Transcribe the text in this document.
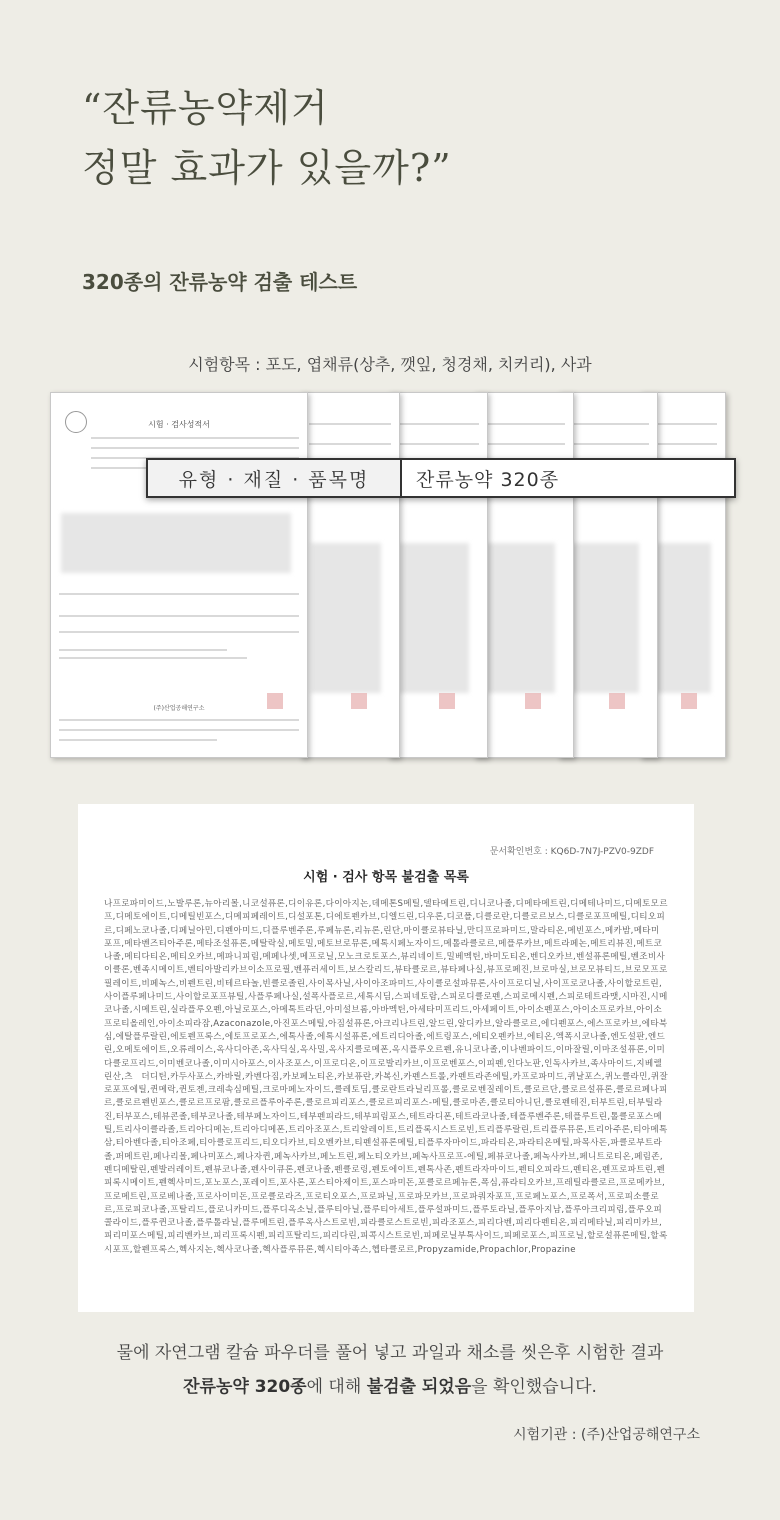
“잔류농약제거
정말 효과가 있을까?”
320종의 잔류농약 검출 테스트
시험항목 : 포도, 엽채류(상추, 깻잎, 청경채, 치커리), 사과
시험 · 검사성적서
(주)산업공해연구소
유형 · 재질 · 품목명	잔류농약 320종
문서확인번호 : KQ6D-7N7J-PZV0-9ZDF
시험 · 검사 항목 불검출 목록
나프로파미이드,노발루론,뉴아리몰,니코설퓨론,디이유론,다이아지논,데메톤S메틸,델타메트린,디니코나졸,디메타메트린,디메테나미드,디메토모르프,디메토에이트,디메틸빈포스,디메피페레이트,디설포톤,디에토펜카브,디엘드린,디우론,디코폴,디클로란,디클로르보스,디클로포프메틸,디티오피르,디페노코나졸,디페닐아민,디펜아미드,디플루벤주론,루페뉴론,리뉴론,린단,마이클로뷰타닐,만디프로파미드,말라티온,메빈포스,메카밤,메타미포프,메타벤즈티아주론,메타조설퓨론,메탈락실,메토밀,메토브로뮤론,메톡시페노자이드,메톨라클로르,메플루카브,메트라페논,메트리뷰진,메트코나졸,메티다티온,메티오카브,메파니피림,메페나셋,메프로닐,모노크로토포스,뷰리네이트,밀베멕틴,바미도티온,벤디오카브,벤설퓨론메틸,벤조비사이클론,벤족시메이트,벤티아발리카브이소프로필,벤퓨러세이트,보스칼리드,뷰타클로르,뷰타페나실,뷰프로페진,브로마실,브로모뷰티드,브로모프로필레이트,비페녹스,비펜트린,비테르타놀,빈클로졸린,사이목사닐,사이아조파미드,사이클로설파뮤론,사이프로디닐,사이프로코나졸,사이할로트린,사이플루페나미드,사이할로포프뷰틸,사플루페나실,설폭사플로르,세톡시딤,스피네토람,스피로디클로펜,스피로메시펜,스피로테트라맷,시마진,시메코나졸,시메트린,실라플루오펜,아닐로포스,아메톡트라딘,아미설브롬,아바멕틴,아세타미프리드,아세페이트,아이소펜포스,아이소프로카브,아이소프로티올레인,아이소피라잠,Azaconazole,아진포스메틸,아짐설퓨론,아크리나트린,알드린,알디카브,알라클로르,에디펜포스,에스프로카브,에타북심,에탈플루랄린,에토펜프록스,에토프로포스,에톡사졸,에톡시설퓨론,에트리디아졸,에트링포스,에티오펜카브,에티온,엑폭시코나졸,엔도설판,엔드린,오메토에이트,오류레이스,옥사디아존,옥사딕실,옥사밀,옥사지클로메폰,옥시플루오르펜,유니코나졸,이나벤파이드,이마잘릴,이마조설퓨론,이미다클로프리드,이미벤코나졸,이미시아포스,이사조포스,이프로디온,이프로발리카브,이프로벤포스,이피펜,인다노판,인독사카브,족사마이드,지베렐린산,츠 더디틴,카두사포스,카바릴,카벤다짐,카보페노티온,카보퓨란,카복신,카펜스트롤,카펜트라존에틸,카프로파미드,퀴날포스,퀴노클라민,퀴잘로포프에틸,퀸메락,퀸토젠,크레속심메틸,크로마페노자이드,클레토딤,클로란트라닐리프롤,클로로벤질레이트,클로르단,클로르설퓨론,클로르페나피르,클로르펜빈포스,클로르프로팜,클로르플루아주론,클로르피리포스,클로르피리포스-메틸,클로마존,클로티아니딘,클로펜테진,터부트린,터부틸라진,터부포스,테뷰콘졸,테부코나졸,테부페노자이드,테부펜피라드,테부피림포스,테트라디폰,테트라코나졸,테플루벤주론,테플루트린,톨클로포스메틸,트리사이클라졸,트리아디메논,트리아디메폰,트리아조포스,트리알레이트,트리플록시스트로빈,트리플루랄린,트리플루뮤론,트리아주론,티아메톡삼,티아벤다졸,티아조페,티아클로프리드,티오디카브,티오벤카브,티펜설퓨론메틸,티플루자마이드,파라티온,파라티온메틸,파목사돈,파클로부트라졸,퍼메트린,페나리몰,페나미포스,페나자퀸,페녹사카브,페노트린,페노티오카브,페녹사프로프-에틸,페뷰코나졸,페녹사카브,페니트로티온,페림존,펜디메탈린,펜발러레이트,펜뷰코나졸,펜사이큐론,펜코나졸,펜클로링,펜토에이트,펜톡사존,펜트라자마이드,펜티오피라드,펜티온,펜프로파트린,펜피록시메이트,펜헥사미드,포노포스,포레이트,포사론,포스티아제이트,포스파미돈,포클로르페뉴론,폭심,퓨라티오카브,프레틸라클로르,프로메카브,프로메트린,프로베나졸,프로사이미돈,프로클로라즈,프로티오포스,프로파닐,프로파모카브,프로파쿼자포프,프로페노포스,프로폭서,프로피소클로르,프로피코나졸,프탈리드,플로니카미드,플루디옥소닐,플루티아닐,플루티아세트,플루설파미드,플루토라닐,플루아지남,플루아크리피림,플루오피콜라이드,플루퀸코나졸,플루톨라닐,플루메트린,플루옥사스트로빈,피라클로스트로빈,피라조포스,피리다벤,피리다펜티온,피리메타닐,피리미카브,피리미포스메틸,피리벤카브,피리프록시펜,피리프탈리드,피리다린,피콕시스트로빈,피페로닐부톡사이드,피페로포스,피프로닐,할로설퓨론메틸,할록시포프,할펜프록스,헥사지논,헥사코나졸,헥사플루뮤론,헥시티아족스,헵타클로르,Propyzamide,Propachlor,Propazine
물에 자연그램 칼슘 파우더를 풀어 넣고 과일과 채소를 씻은후 시험한 결과
잔류농약 320종에 대해 불검출 되었음을 확인했습니다.
시험기관 : (주)산업공해연구소
